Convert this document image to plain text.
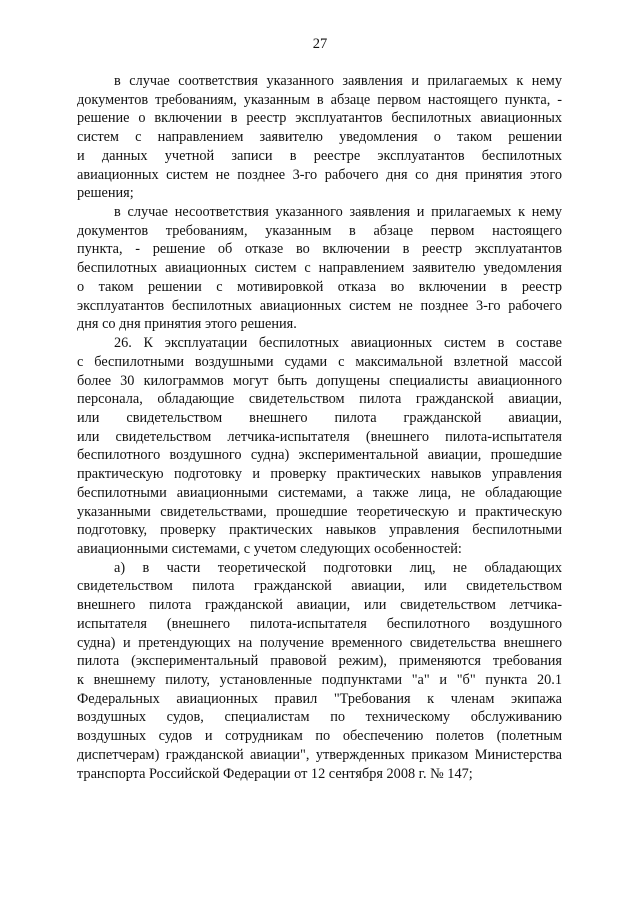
27
в случае соответствия указанного заявления и прилагаемых к нему
документов требованиям, указанным в абзаце первом настоящего пункта, -
решение о включении в реестр эксплуатантов беспилотных авиационных
систем с направлением заявителю уведомления о таком решении
и данных учетной записи в реестре эксплуатантов беспилотных
авиационных систем не позднее 3-го рабочего дня со дня принятия этого
решения;
в случае несоответствия указанного заявления и прилагаемых к нему
документов требованиям, указанным в абзаце первом настоящего
пункта, - решение об отказе во включении в реестр эксплуатантов
беспилотных авиационных систем с направлением заявителю уведомления
о таком решении с мотивировкой отказа во включении в реестр
эксплуатантов беспилотных авиационных систем не позднее 3-го рабочего
дня со дня принятия этого решения.
26. К эксплуатации беспилотных авиационных систем в составе
с беспилотными воздушными судами с максимальной взлетной массой
более 30 килограммов могут быть допущены специалисты авиационного
персонала, обладающие свидетельством пилота гражданской авиации,
или свидетельством внешнего пилота гражданской авиации,
или свидетельством летчика-испытателя (внешнего пилота-испытателя
беспилотного воздушного судна) экспериментальной авиации, прошедшие
практическую подготовку и проверку практических навыков управления
беспилотными авиационными системами, а также лица, не обладающие
указанными свидетельствами, прошедшие теоретическую и практическую
подготовку, проверку практических навыков управления беспилотными
авиационными системами, с учетом следующих особенностей:
а) в части теоретической подготовки лиц, не обладающих
свидетельством пилота гражданской авиации, или свидетельством
внешнего пилота гражданской авиации, или свидетельством летчика-
испытателя (внешнего пилота-испытателя беспилотного воздушного
судна) и претендующих на получение временного свидетельства внешнего
пилота (экспериментальный правовой режим), применяются требования
к внешнему пилоту, установленные подпунктами "а" и "б" пункта 20.1
Федеральных авиационных правил "Требования к членам экипажа
воздушных судов, специалистам по техническому обслуживанию
воздушных судов и сотрудникам по обеспечению полетов (полетным
диспетчерам) гражданской авиации", утвержденных приказом Министерства
транспорта Российской Федерации от 12 сентября 2008 г. № 147;
